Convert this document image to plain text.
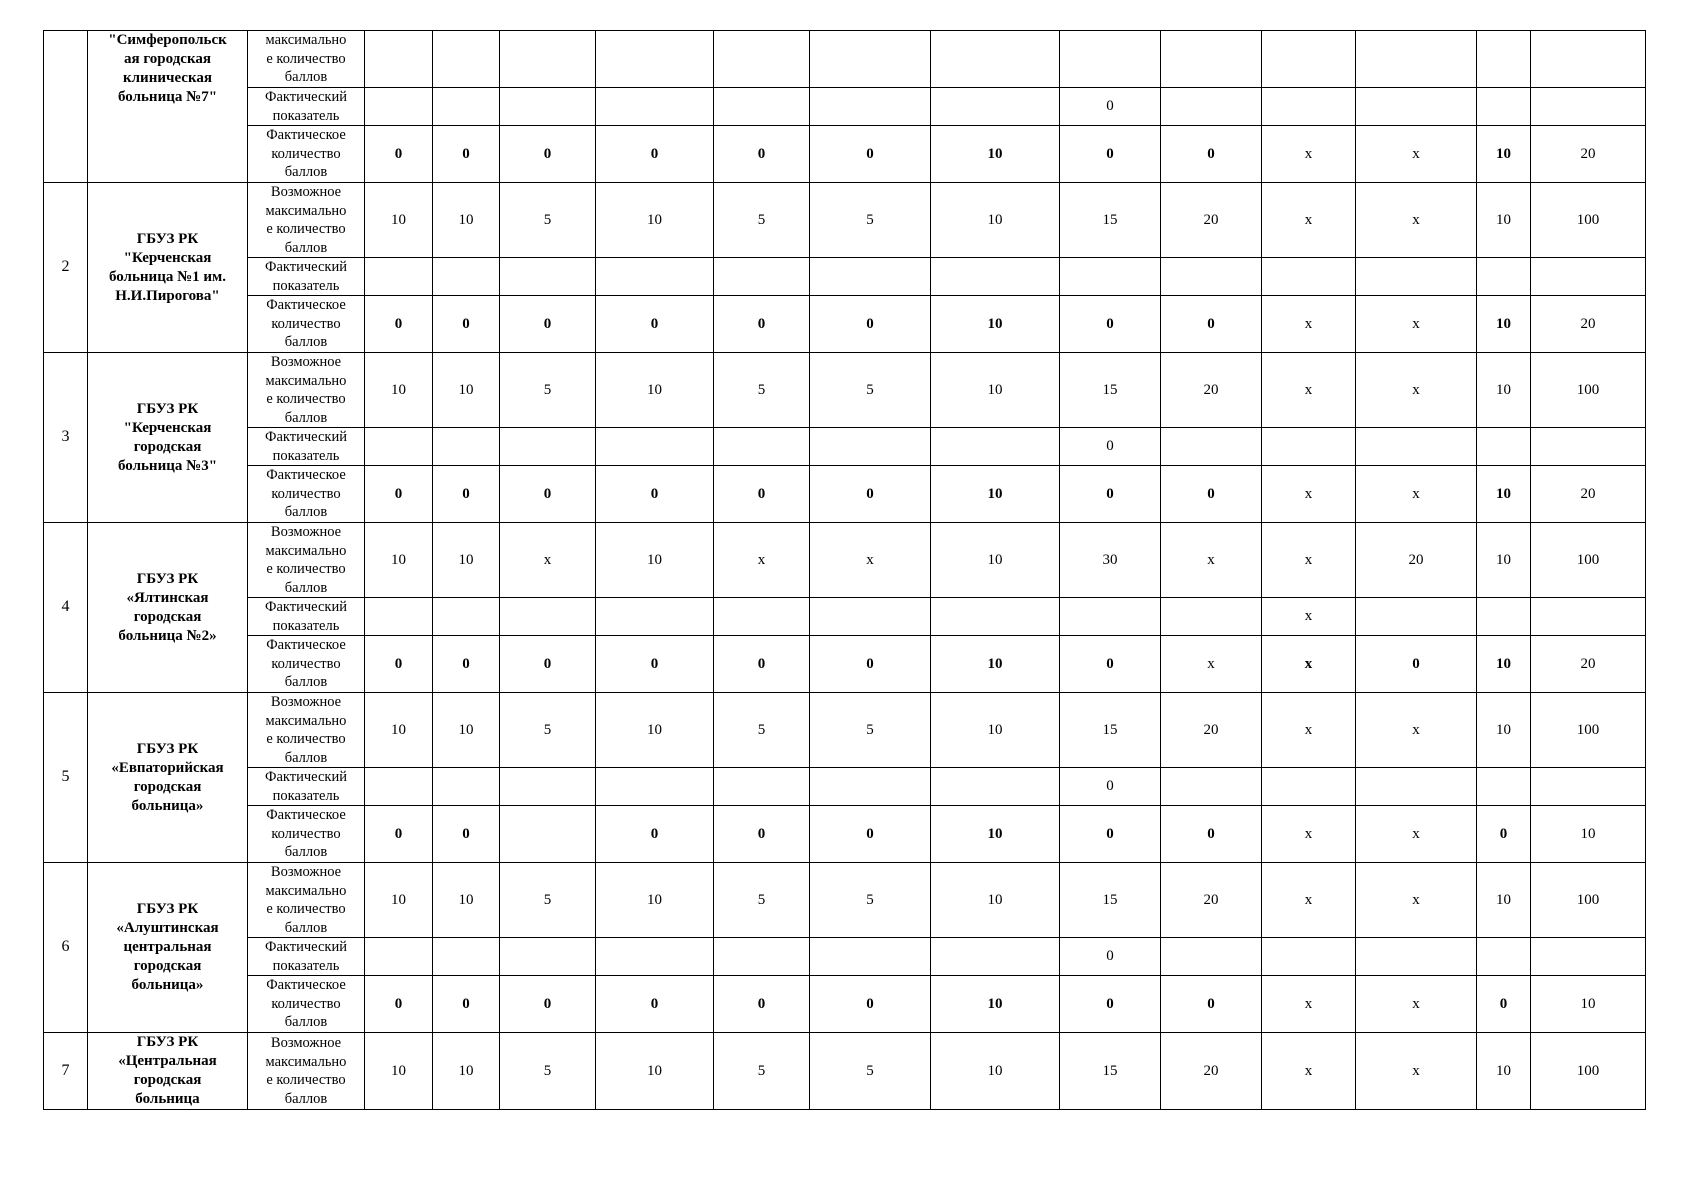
	"Симферопольск
ая городская
клиническая
больница №7"	максимально
е количество
баллов													
		Фактический
показатель								0					
		Фактическое
количество
баллов	0	0	0	0	0	0	10	0	0	x	x	10	20
2	ГБУЗ РК
"Керченская
больница №1 им.
Н.И.Пирогова"	Возможное
максимально
е количество
баллов	10	10	5	10	5	5	10	15	20	x	x	10	100
		Фактический
показатель													
		Фактическое
количество
баллов	0	0	0	0	0	0	10	0	0	x	x	10	20
3	ГБУЗ РК
"Керченская
городская
больница №3"	Возможное
максимально
е количество
баллов	10	10	5	10	5	5	10	15	20	x	x	10	100
		Фактический
показатель								0					
		Фактическое
количество
баллов	0	0	0	0	0	0	10	0	0	x	x	10	20
4	ГБУЗ РК
«Ялтинская
городская
больница №2»	Возможное
максимально
е количество
баллов	10	10	x	10	x	x	10	30	x	x	20	10	100
		Фактический
показатель										x			
		Фактическое
количество
баллов	0	0	0	0	0	0	10	0	x	x	0	10	20
5	ГБУЗ РК
«Евпаторийская
городская
больница»	Возможное
максимально
е количество
баллов	10	10	5	10	5	5	10	15	20	x	x	10	100
		Фактический
показатель								0					
		Фактическое
количество
баллов	0	0		0	0	0	10	0	0	x	x	0	10
6	ГБУЗ РК
«Алуштинская
центральная
городская
больница»	Возможное
максимально
е количество
баллов	10	10	5	10	5	5	10	15	20	x	x	10	100
		Фактический
показатель								0					
		Фактическое
количество
баллов	0	0	0	0	0	0	10	0	0	x	x	0	10
7	ГБУЗ РК
«Центральная
городская
больница	Возможное
максимально
е количество
баллов	10	10	5	10	5	5	10	15	20	x	x	10	100
